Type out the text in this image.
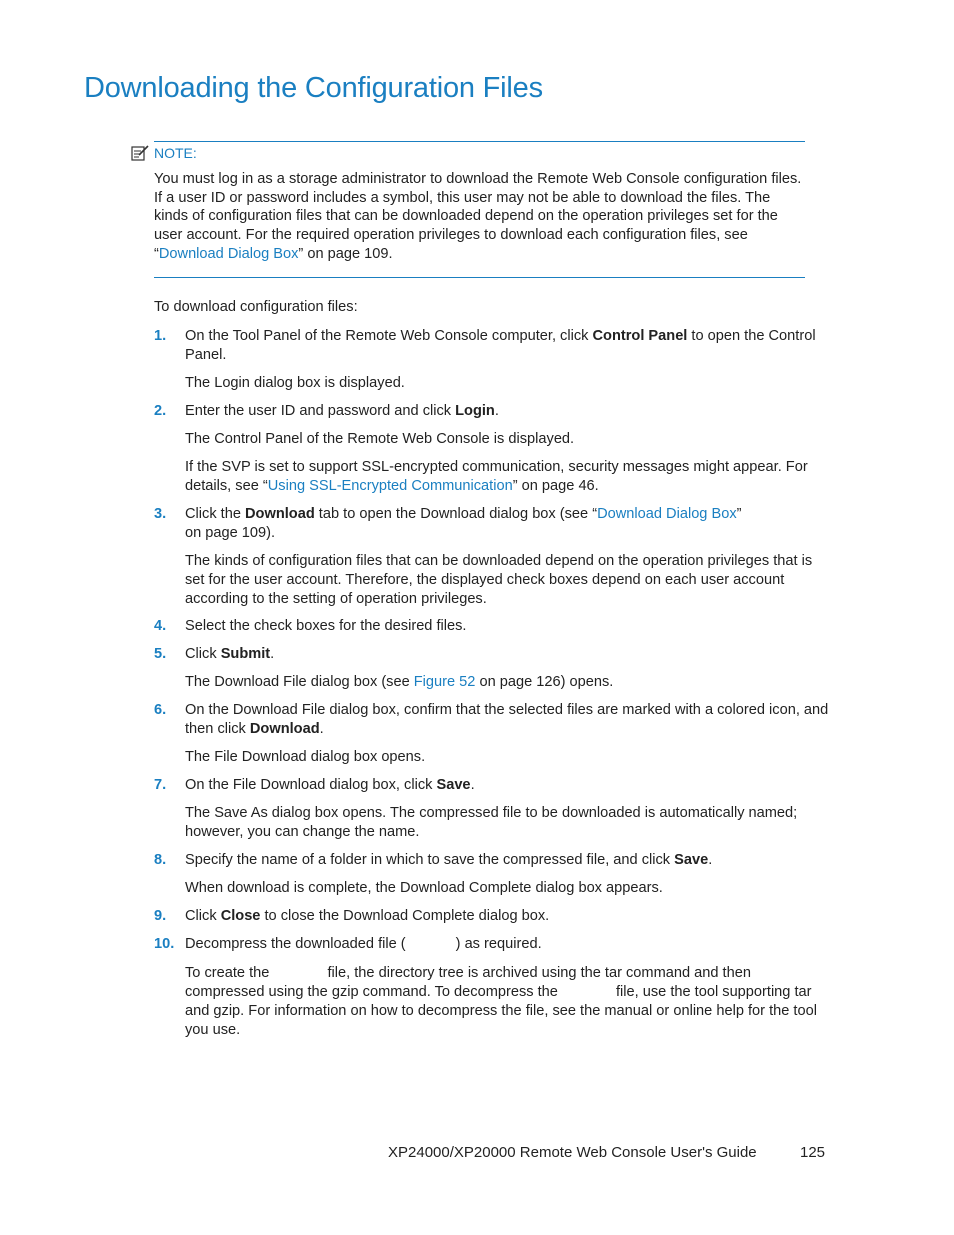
Downloading the Configuration Files
NOTE:
You must log in as a storage administrator to download the Remote Web Console configuration files. If a user ID or password includes a symbol, this user may not be able to download the files. The kinds of configuration files that can be downloaded depend on the operation privileges set for the user account. For the required operation privileges to download each configuration files, see “Download Dialog Box” on page 109.
To download configuration files:
1. On the Tool Panel of the Remote Web Console computer, click Control Panel to open the Control Panel.
The Login dialog box is displayed.
2. Enter the user ID and password and click Login.
The Control Panel of the Remote Web Console is displayed.
If the SVP is set to support SSL-encrypted communication, security messages might appear. For details, see “Using SSL-Encrypted Communication” on page 46.
3. Click the Download tab to open the Download dialog box (see “Download Dialog Box” on page 109).
The kinds of configuration files that can be downloaded depend on the operation privileges that is set for the user account. Therefore, the displayed check boxes depend on each user account according to the setting of operation privileges.
4. Select the check boxes for the desired files.
5. Click Submit.
The Download File dialog box (see Figure 52 on page 126) opens.
6. On the Download File dialog box, confirm that the selected files are marked with a colored icon, and then click Download.
The File Download dialog box opens.
7. On the File Download dialog box, click Save.
The Save As dialog box opens. The compressed file to be downloaded is automatically named; however, you can change the name.
8. Specify the name of a folder in which to save the compressed file, and click Save.
When download is complete, the Download Complete dialog box appears.
9. Click Close to close the Download Complete dialog box.
10. Decompress the downloaded file (	) as required.
To create the	file, the directory tree is archived using the tar command and then compressed using the gzip command. To decompress the	file, use the tool supporting tar and gzip. For information on how to decompress the file, see the manual or online help for the tool you use.
XP24000/XP20000 Remote Web Console User's Guide	125
